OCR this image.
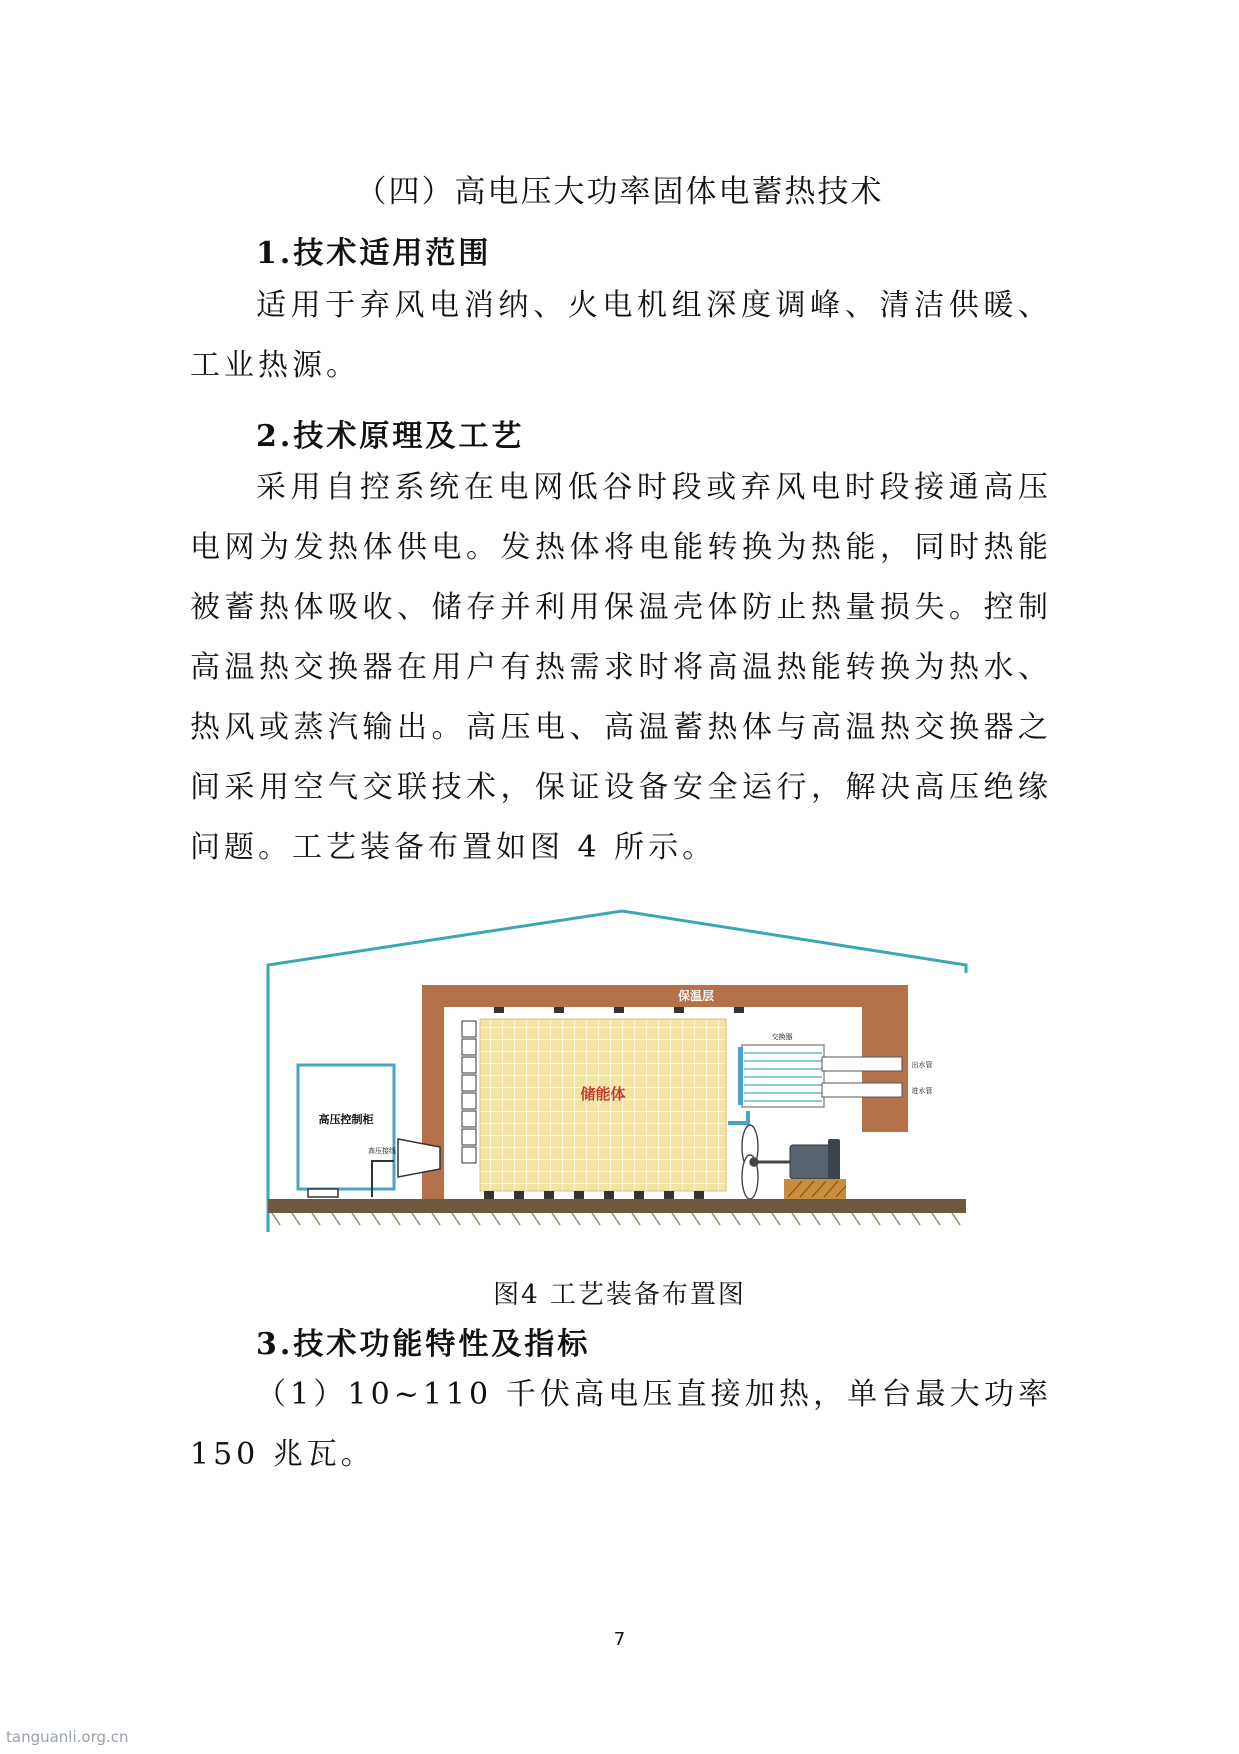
（四）高电压大功率固体电蓄热技术
1.技术适用范围

适用于弃风电消纳、火电机组深度调峰、清洁供暖、工业热源。

2.技术原理及工艺

采用自控系统在电网低谷时段或弃风电时段接通高压电网为发热体供电。发热体将电能转换为热能，同时热能被蓄热体吸收、储存并利用保温壳体防止热量损失。控制高温热交换器在用户有热需求时将高温热能转换为热水、热风或蒸汽输出。高压电、高温蓄热体与高温热交换器之间采用空气交联技术，保证设备安全运行，解决高压绝缘问题。工艺装备布置如图 4 所示。

保温层
储能体
高压控制柜
高压接线
交换器
出水管
进水管
图4 工艺装备布置图
3.技术功能特性及指标

（1）10~110 千伏高电压直接加热，单台最大功率 150 兆瓦。

7
tanguanli.org.cn
